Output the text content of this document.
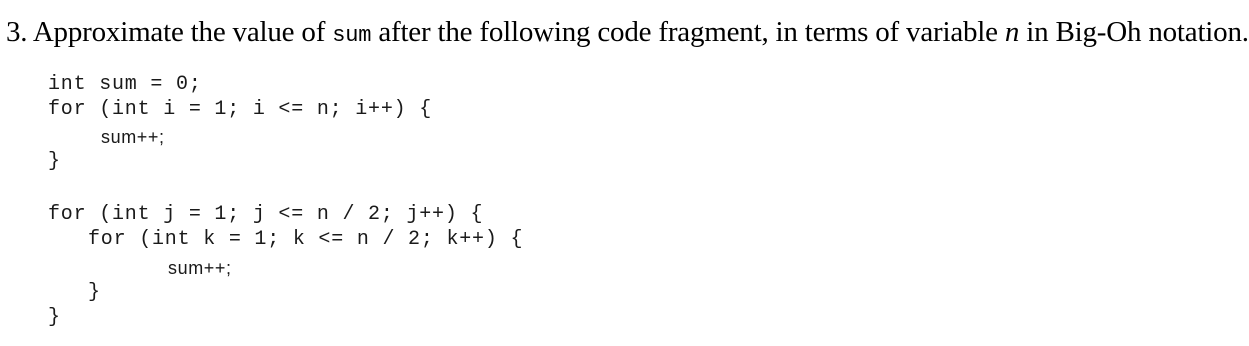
3. Approximate the value of sum after the following code fragment, in terms of variable n in Big-Oh notation.
int sum = 0;
for (int i = 1; i <= n; i++) {
sum++;
}
for (int j = 1; j <= n / 2; j++) {
for (int k = 1; k <= n / 2; k++) {
sum++;
}
}
